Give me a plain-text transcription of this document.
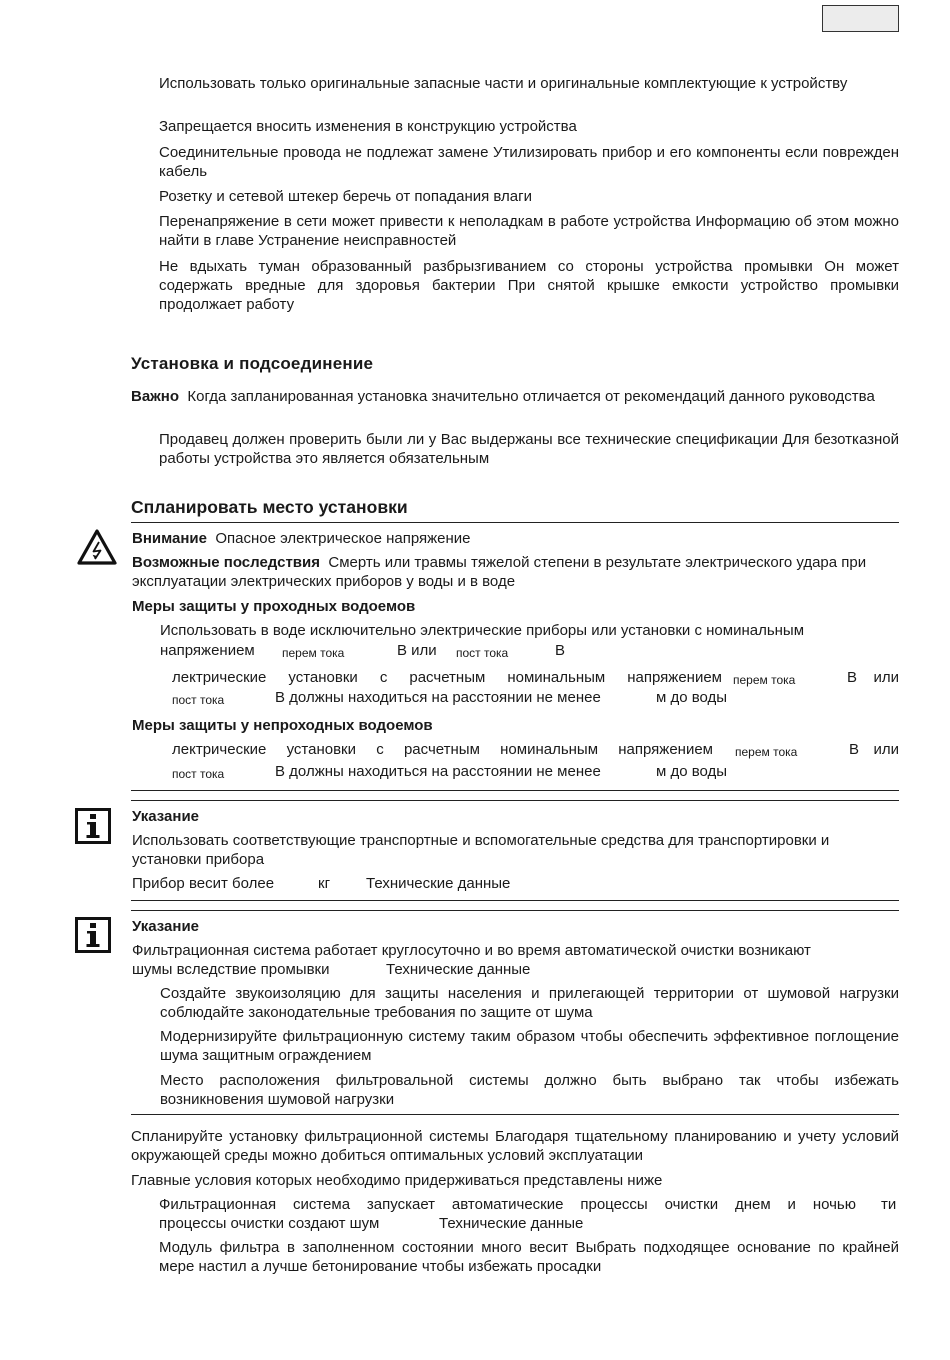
Использовать только оригинальные запасные части и оригинальные комплектующие к устройству

Запрещается вносить изменения в конструкцию устройства

Соединительные провода не подлежат замене Утилизировать прибор и его компоненты если поврежден кабель

Розетку и сетевой штекер беречь от попадания влаги

Перенапряжение в сети может привести к неполадкам в работе устройства Информацию об этом можно найти в главе Устранение неисправностей

Не вдыхать туман образованный разбрызгиванием со стороны устройства промывки Он может содержать вредные для здоровья бактерии При снятой крышке емкости устройство промывки продолжает работу

Установка и подсоединение

Важно Когда запланированная установка значительно отличается от рекомендаций данного руководства

Продавец должен проверить были ли у Вас выдержаны все технические спецификации Для безотказной работы устройства это является обязательным

Спланировать место установки

Внимание Опасное электрическое напряжение

Возможные последствия Смерть или травмы тяжелой степени в результате электрического удара при эксплуатации электрических приборов у воды и в воде

Меры защиты у проходных водоемов

Использовать в воде исключительно электрические приборы или установки с номинальным

напряжением перем тока	В или пост тока	В
лектрические установки с расчетным номинальным напряжением перем тока	В или
пост тока	В должны находиться на расстоянии не менее	м до воды
Меры защиты у непроходных водоемов
лектрические установки с расчетным номинальным напряжением перем тока	В или
пост тока	В должны находиться на расстоянии не менее	м до воды
Указание

Использовать соответствующие транспортные и вспомогательные средства для транспортировки и установки прибора

Прибор весит более	кг Технические данные
Указание

Фильтрационная система работает круглосуточно и во время автоматической очистки возникают

шумы вследствие промывки	Технические данные

Создайте звукоизоляцию для защиты населения и прилегающей территории от шумовой нагрузки соблюдайте законодательные требования по защите от шума

Модернизируйте фильтрационную систему таким образом чтобы обеспечить эффективное поглощение шума защитным ограждением

Место расположения фильтровальной системы должно быть выбрано так чтобы избежать возникновения шумовой нагрузки

Спланируйте установку фильтрационной системы Благодаря тщательному планированию и учету условий окружающей среды можно добиться оптимальных условий эксплуатации

Главные условия которых необходимо придерживаться представлены ниже

Фильтрационная система запускает автоматические процессы очистки днем и ночью ти
процессы очистки создают шум	Технические данные

Модуль фильтра в заполненном состоянии много весит Выбрать подходящее основание по крайней мере настил а лучше бетонирование чтобы избежать просадки
